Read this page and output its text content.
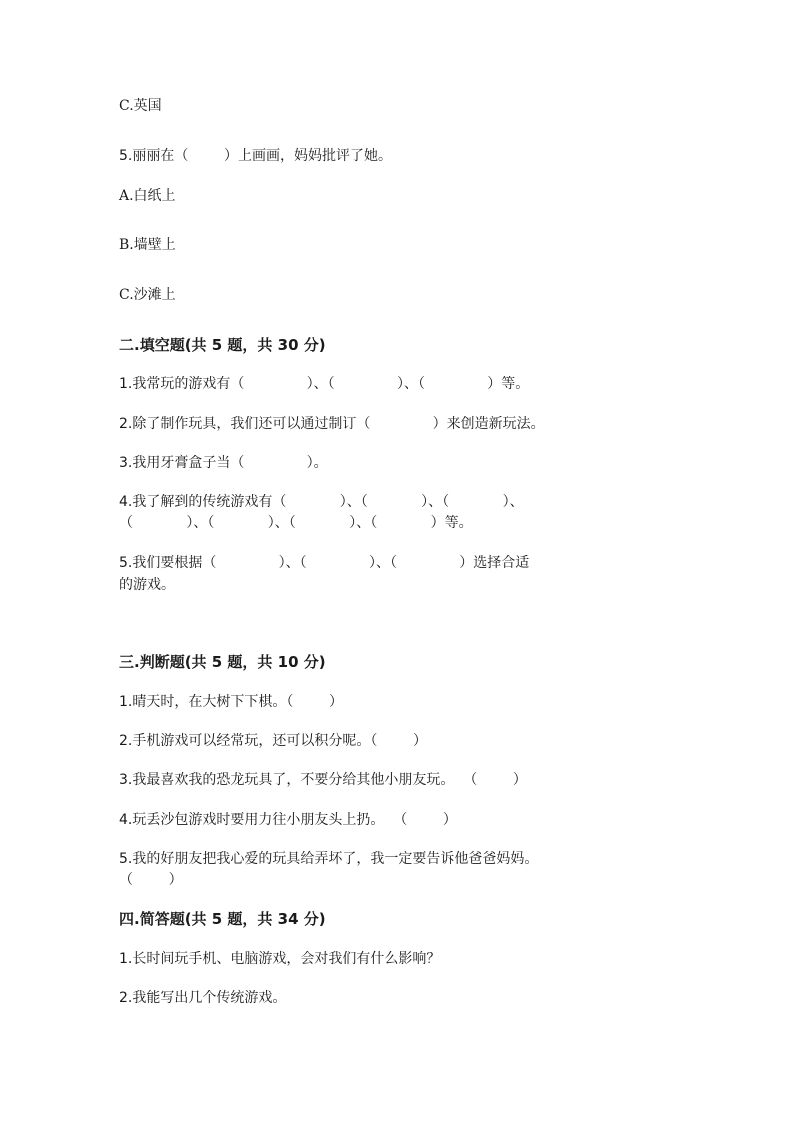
C.英国
5.丽丽在（        ）上画画，妈妈批评了她。
A.白纸上
B.墙壁上
C.沙滩上
二.填空题(共 5 题，共 30 分)
1.我常玩的游戏有（              ）、（              ）、（              ）等。
2.除了制作玩具，我们还可以通过制订（              ）来创造新玩法。
3.我用牙膏盒子当（              ）。
4.我了解到的传统游戏有（            ）、（            ）、（            ）、
（            ）、（            ）、（            ）、（            ）等。
5.我们要根据（              ）、（              ）、（              ）选择合适
的游戏。
三.判断题(共 5 题，共 10 分)
1.晴天时，在大树下下棋。（        ）
2.手机游戏可以经常玩，还可以积分呢。（        ）
3.我最喜欢我的恐龙玩具了，不要分给其他小朋友玩。  （        ）
4.玩丢沙包游戏时要用力往小朋友头上扔。  （        ）
5.我的好朋友把我心爱的玩具给弄坏了，我一定要告诉他爸爸妈妈。
（        ）
四.简答题(共 5 题，共 34 分)
1.长时间玩手机、电脑游戏，会对我们有什么影响？
2.我能写出几个传统游戏。
